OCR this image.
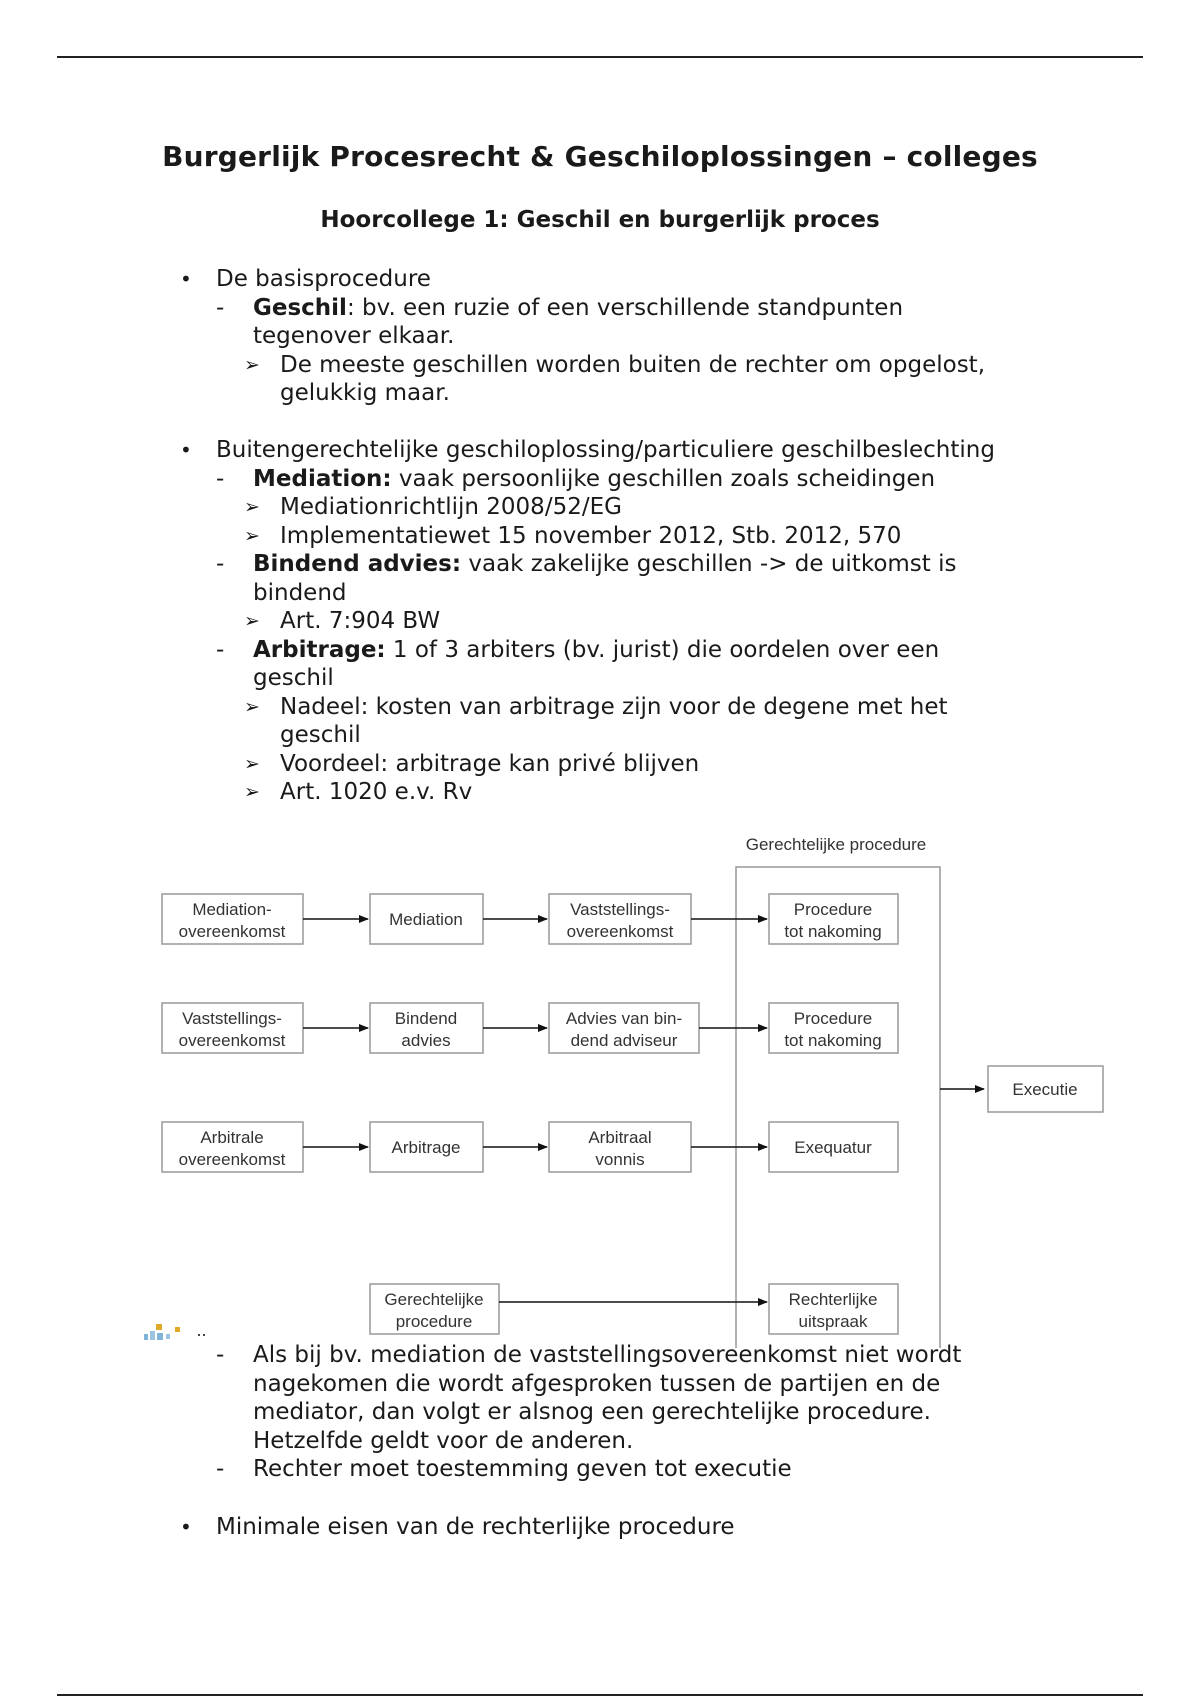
Burgerlijk Procesrecht & Geschiloplossingen – colleges
Hoorcollege 1: Geschil en burgerlijk proces
• De basisprocedure
- Geschil: bv. een ruzie of een verschillende standpunten
tegenover elkaar.
➢ De meeste geschillen worden buiten de rechter om opgelost,
gelukkig maar.
• Buitengerechtelijke geschiloplossing/particuliere geschilbeslechting
- Mediation: vaak persoonlijke geschillen zoals scheidingen
➢ Mediationrichtlijn 2008/52/EG
➢ Implementatiewet 15 november 2012, Stb. 2012, 570
- Bindend advies: vaak zakelijke geschillen -> de uitkomst is
bindend
➢ Art. 7:904 BW
- Arbitrage: 1 of 3 arbiters (bv. jurist) die oordelen over een
geschil
➢ Nadeel: kosten van arbitrage zijn voor de degene met het
geschil
➢ Voordeel: arbitrage kan privé blijven
➢ Art. 1020 e.v. Rv
Gerechtelijke procedure
Mediation-
overeenkomst
Mediation
Vaststellings-
overeenkomst
Procedure
tot nakoming
Vaststellings-
overeenkomst
Bindend
advies
Advies van bin-
dend adviseur
Procedure
tot nakoming
Arbitrale
overeenkomst
Arbitrage
Arbitraal
vonnis
Exequatur
Gerechtelijke
procedure
Rechterlijke
uitspraak
Executie
- Als bij bv. mediation de vaststellingsovereenkomst niet wordt
nagekomen die wordt afgesproken tussen de partijen en de
mediator, dan volgt er alsnog een gerechtelijke procedure.
Hetzelfde geldt voor de anderen.
- Rechter moet toestemming geven tot executie
• Minimale eisen van de rechterlijke procedure
